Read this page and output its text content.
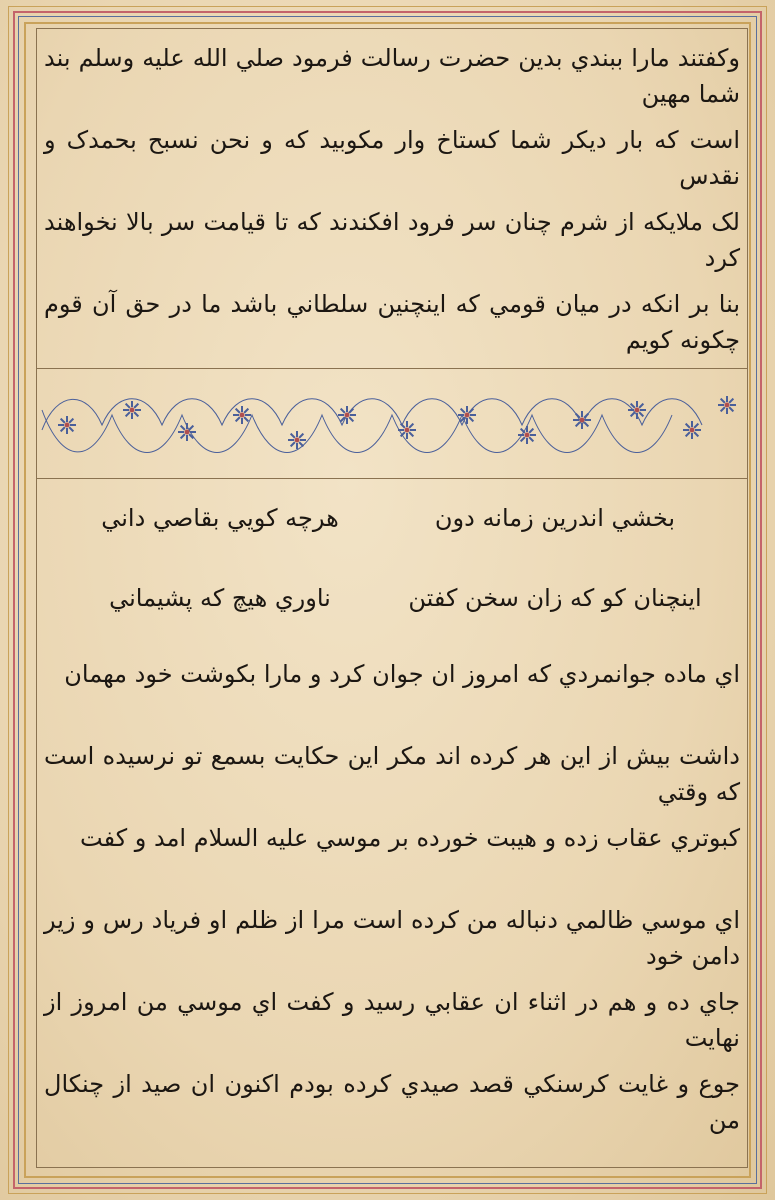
وکفتند مارا ببندي بدین حضرت رسالت فرمود صلي الله علیه وسلم بند شما مهین
است که بار دیکر شما کستاخ وار مکوبید که و نحن نسبح بحمدک و نقدس
لک ملایکه از شرم چنان سر فرود افکندند که تا قیامت سر بالا نخواهند کرد
بنا بر انکه در میان قومي که اینچنین سلطاني باشد ما در حق آن قوم چکونه کویم
بخشي اندرین زمانه دون
هرچه کویي بقاصي داني
اینچنان کو که زان سخن کفتن
ناوري هیچ که پشیماني
اي ماده جوانمردي که امروز ان جوان کرد و مارا بکوشت خود مهمان
داشت بیش از این هر کرده اند مکر این حکایت بسمع تو نرسیده است که وقتي
کبوتري عقاب زده و هیبت خورده بر موسي علیه السلام امد و کفت
اي موسي ظالمي دنباله من کرده است مرا از ظلم او فریاد رس و زیر دامن خود
جاي ده و هم در اثناء ان عقابي رسید و کفت اي موسي من امروز از نهایت
جوع و غایت کرسنکي قصد صیدي کرده بودم اکنون ان صید از چنکال من
